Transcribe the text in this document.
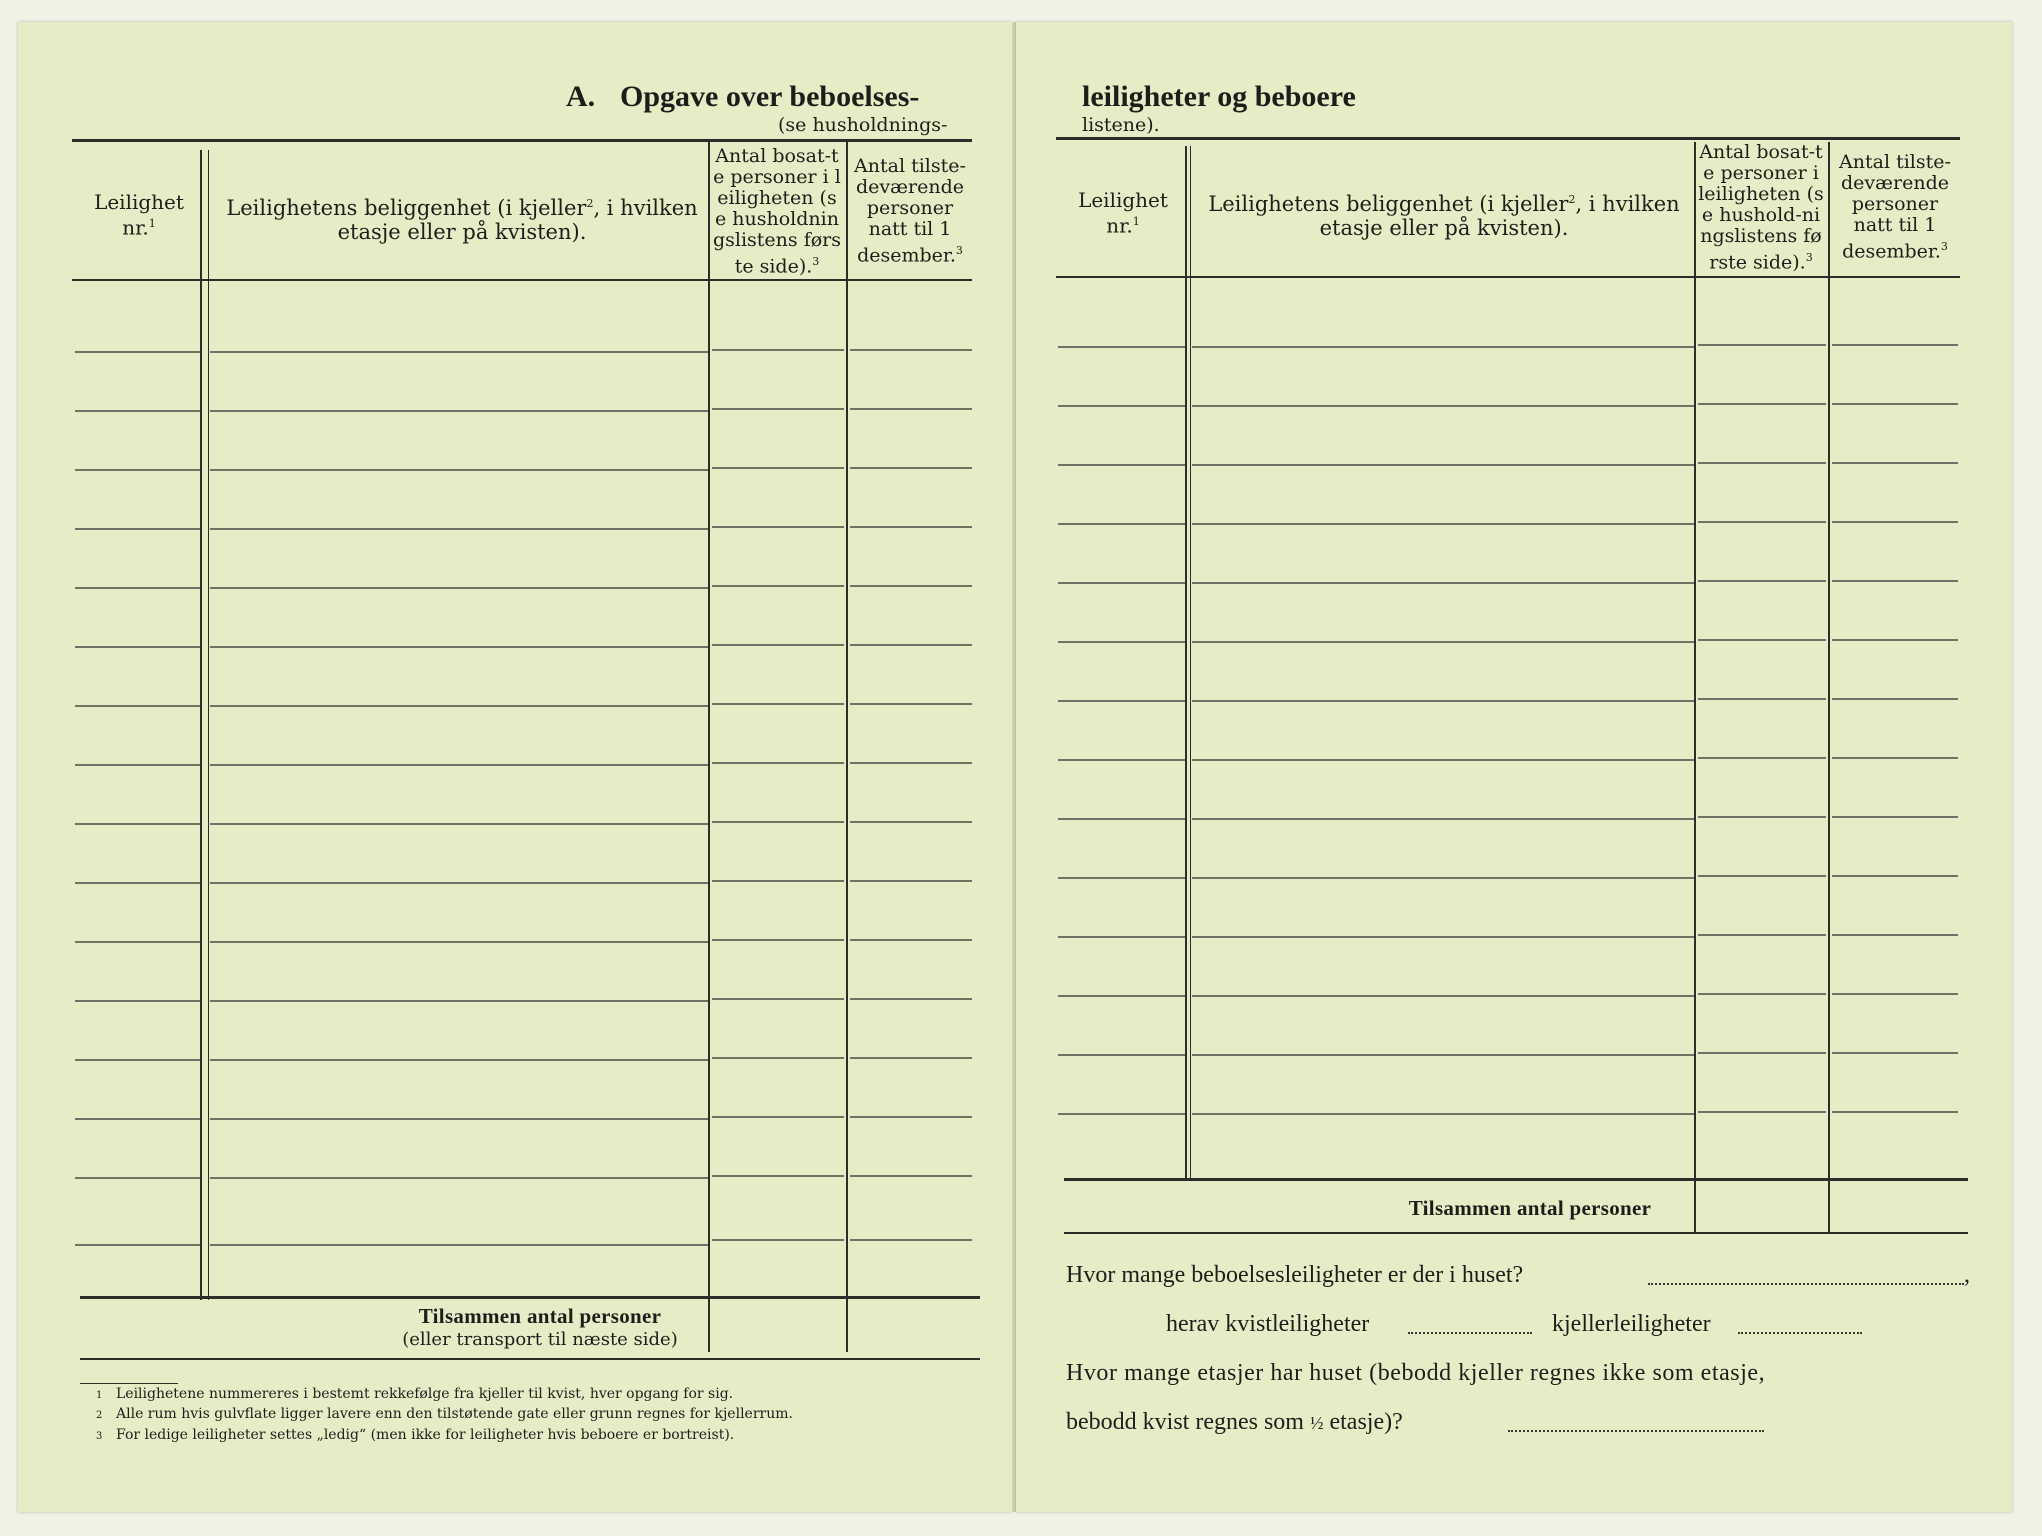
A. Opgave over beboelses-
(se husholdnings-
Leilighet nr.$^1$
Leilighetens beliggenhet (i kjeller$^2$, i hvilken etasje eller på kvisten).
Antal bosat-te personer i leiligheten (se husholdningslistens første side).$^3$
Antal tilste-deværende personer natt til 1 desember.$^3$
Tilsammen antal personer
(eller transport til næste side)
1 Leilighetene nummereres i bestemt rekkefølge fra kjeller til kvist, hver opgang for sig.
2 Alle rum hvis gulvflate ligger lavere enn den tilstøtende gate eller grunn regnes for kjellerrum.
3 For ledige leiligheter settes „ledig“ (men ikke for leiligheter hvis beboere er bortreist).
leiligheter og beboere
listene).
Leilighet nr.$^1$
Leilighetens beliggenhet (i kjeller$^2$, i hvilken etasje eller på kvisten).
Antal bosat-te personer i leiligheten (se hushold-ningslistens første side).$^3$
Antal tilste-deværende personer natt til 1 desember.$^3$
Tilsammen antal personer
Hvor mange beboelsesleiligheter er der i huset?	,
herav kvistleiligheter	kjellerleiligheter
Hvor mange etasjer har huset (bebodd kjeller regnes ikke som etasje,
bebodd kvist regnes som ½ etasje)?
